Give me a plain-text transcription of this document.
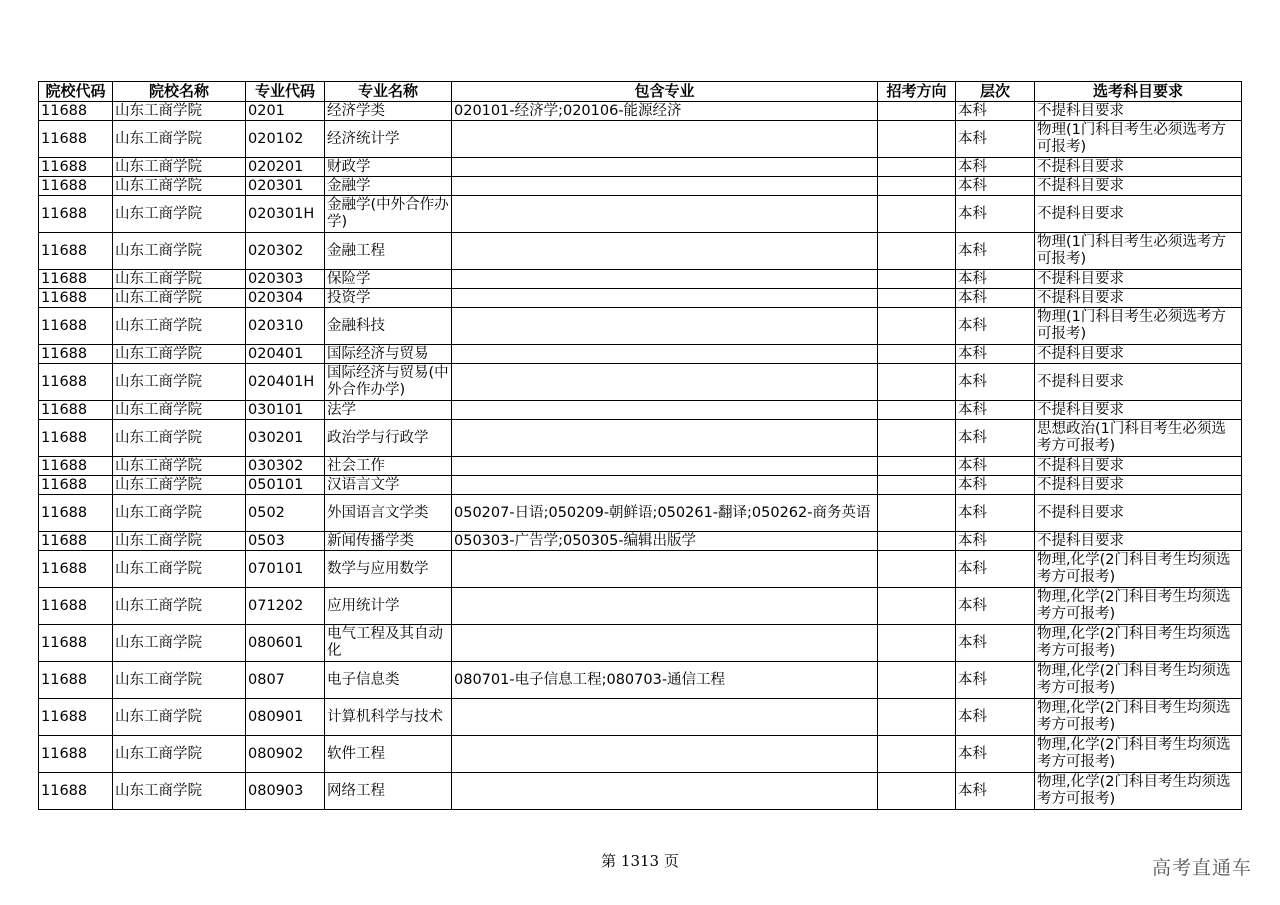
院校代码	院校名称	专业代码	专业名称	包含专业	招考方向	层次	选考科目要求
11688	山东工商学院	0201	经济学类	020101-经济学;020106-能源经济		本科	不提科目要求
11688	山东工商学院	020102	经济统计学			本科	物理(1门科目考生必须选考方可报考)
11688	山东工商学院	020201	财政学			本科	不提科目要求
11688	山东工商学院	020301	金融学			本科	不提科目要求
11688	山东工商学院	020301H	金融学(中外合作办学)			本科	不提科目要求
11688	山东工商学院	020302	金融工程			本科	物理(1门科目考生必须选考方可报考)
11688	山东工商学院	020303	保险学			本科	不提科目要求
11688	山东工商学院	020304	投资学			本科	不提科目要求
11688	山东工商学院	020310	金融科技			本科	物理(1门科目考生必须选考方可报考)
11688	山东工商学院	020401	国际经济与贸易			本科	不提科目要求
11688	山东工商学院	020401H	国际经济与贸易(中外合作办学)			本科	不提科目要求
11688	山东工商学院	030101	法学			本科	不提科目要求
11688	山东工商学院	030201	政治学与行政学			本科	思想政治(1门科目考生必须选考方可报考)
11688	山东工商学院	030302	社会工作			本科	不提科目要求
11688	山东工商学院	050101	汉语言文学			本科	不提科目要求
11688	山东工商学院	0502	外国语言文学类	050207-日语;050209-朝鲜语;050261-翻译;050262-商务英语		本科	不提科目要求
11688	山东工商学院	0503	新闻传播学类	050303-广告学;050305-编辑出版学		本科	不提科目要求
11688	山东工商学院	070101	数学与应用数学			本科	物理,化学(2门科目考生均须选考方可报考)
11688	山东工商学院	071202	应用统计学			本科	物理,化学(2门科目考生均须选考方可报考)
11688	山东工商学院	080601	电气工程及其自动化			本科	物理,化学(2门科目考生均须选考方可报考)
11688	山东工商学院	0807	电子信息类	080701-电子信息工程;080703-通信工程		本科	物理,化学(2门科目考生均须选考方可报考)
11688	山东工商学院	080901	计算机科学与技术			本科	物理,化学(2门科目考生均须选考方可报考)
11688	山东工商学院	080902	软件工程			本科	物理,化学(2门科目考生均须选考方可报考)
11688	山东工商学院	080903	网络工程			本科	物理,化学(2门科目考生均须选考方可报考)
第 1313 页	高考直通车
